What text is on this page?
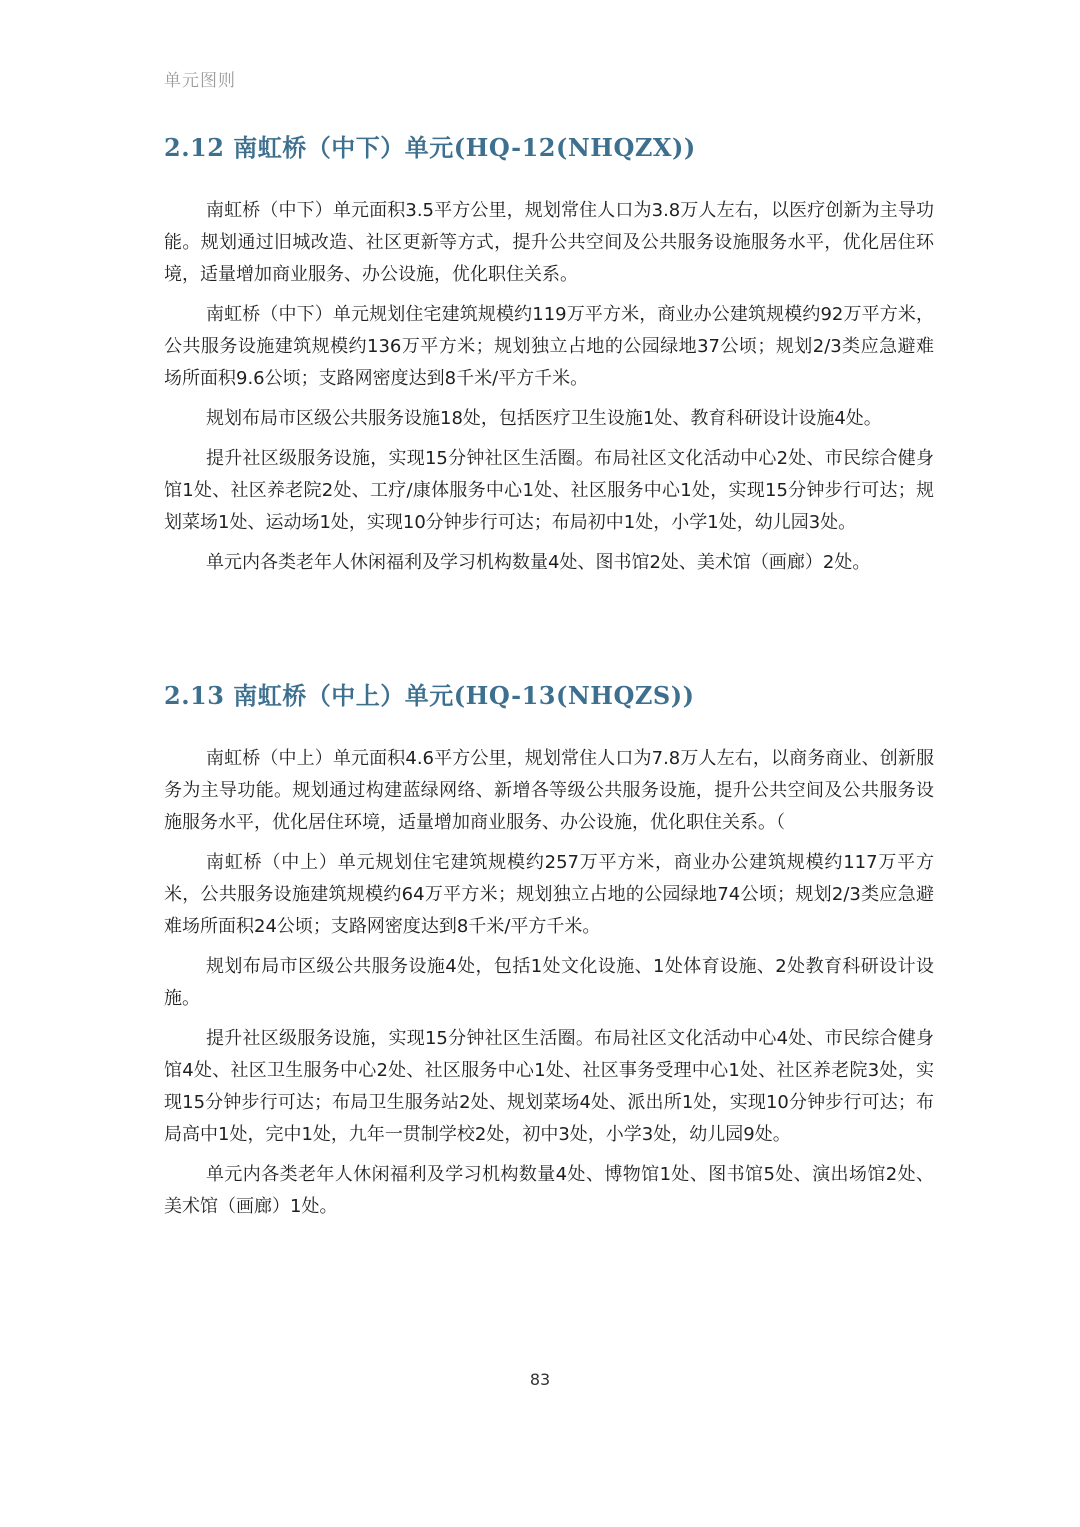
单元图则
2.12 南虹桥（中下）单元(HQ-12(NHQZX))

南虹桥（中下）单元面积3.5平方公里，规划常住人口为3.8万人左右，以医疗创新为主导功能。规划通过旧城改造、社区更新等方式，提升公共空间及公共服务设施服务水平，优化居住环境，适量增加商业服务、办公设施，优化职住关系。

南虹桥（中下）单元规划住宅建筑规模约119万平方米，商业办公建筑规模约92万平方米，公共服务设施建筑规模约136万平方米；规划独立占地的公园绿地37公顷；规划2/3类应急避难场所面积9.6公顷；支路网密度达到8千米/平方千米。

规划布局市区级公共服务设施18处，包括医疗卫生设施1处、教育科研设计设施4处。

提升社区级服务设施，实现15分钟社区生活圈。布局社区文化活动中心2处、市民综合健身馆1处、社区养老院2处、工疗/康体服务中心1处、社区服务中心1处，实现15分钟步行可达；规划菜场1处、运动场1处，实现10分钟步行可达；布局初中1处，小学1处，幼儿园3处。

单元内各类老年人休闲福利及学习机构数量4处、图书馆2处、美术馆（画廊）2处。

2.13 南虹桥（中上）单元(HQ-13(NHQZS))

南虹桥（中上）单元面积4.6平方公里，规划常住人口为7.8万人左右，以商务商业、创新服务为主导功能。规划通过构建蓝绿网络、新增各等级公共服务设施，提升公共空间及公共服务设施服务水平，优化居住环境，适量增加商业服务、办公设施，优化职住关系。（

南虹桥（中上）单元规划住宅建筑规模约257万平方米，商业办公建筑规模约117万平方米，公共服务设施建筑规模约64万平方米；规划独立占地的公园绿地74公顷；规划2/3类应急避难场所面积24公顷；支路网密度达到8千米/平方千米。

规划布局市区级公共服务设施4处，包括1处文化设施、1处体育设施、2处教育科研设计设施。

提升社区级服务设施，实现15分钟社区生活圈。布局社区文化活动中心4处、市民综合健身馆4处、社区卫生服务中心2处、社区服务中心1处、社区事务受理中心1处、社区养老院3处，实现15分钟步行可达；布局卫生服务站2处、规划菜场4处、派出所1处，实现10分钟步行可达；布局高中1处，完中1处，九年一贯制学校2处，初中3处，小学3处，幼儿园9处。

单元内各类老年人休闲福利及学习机构数量4处、博物馆1处、图书馆5处、演出场馆2处、美术馆（画廊）1处。

83
